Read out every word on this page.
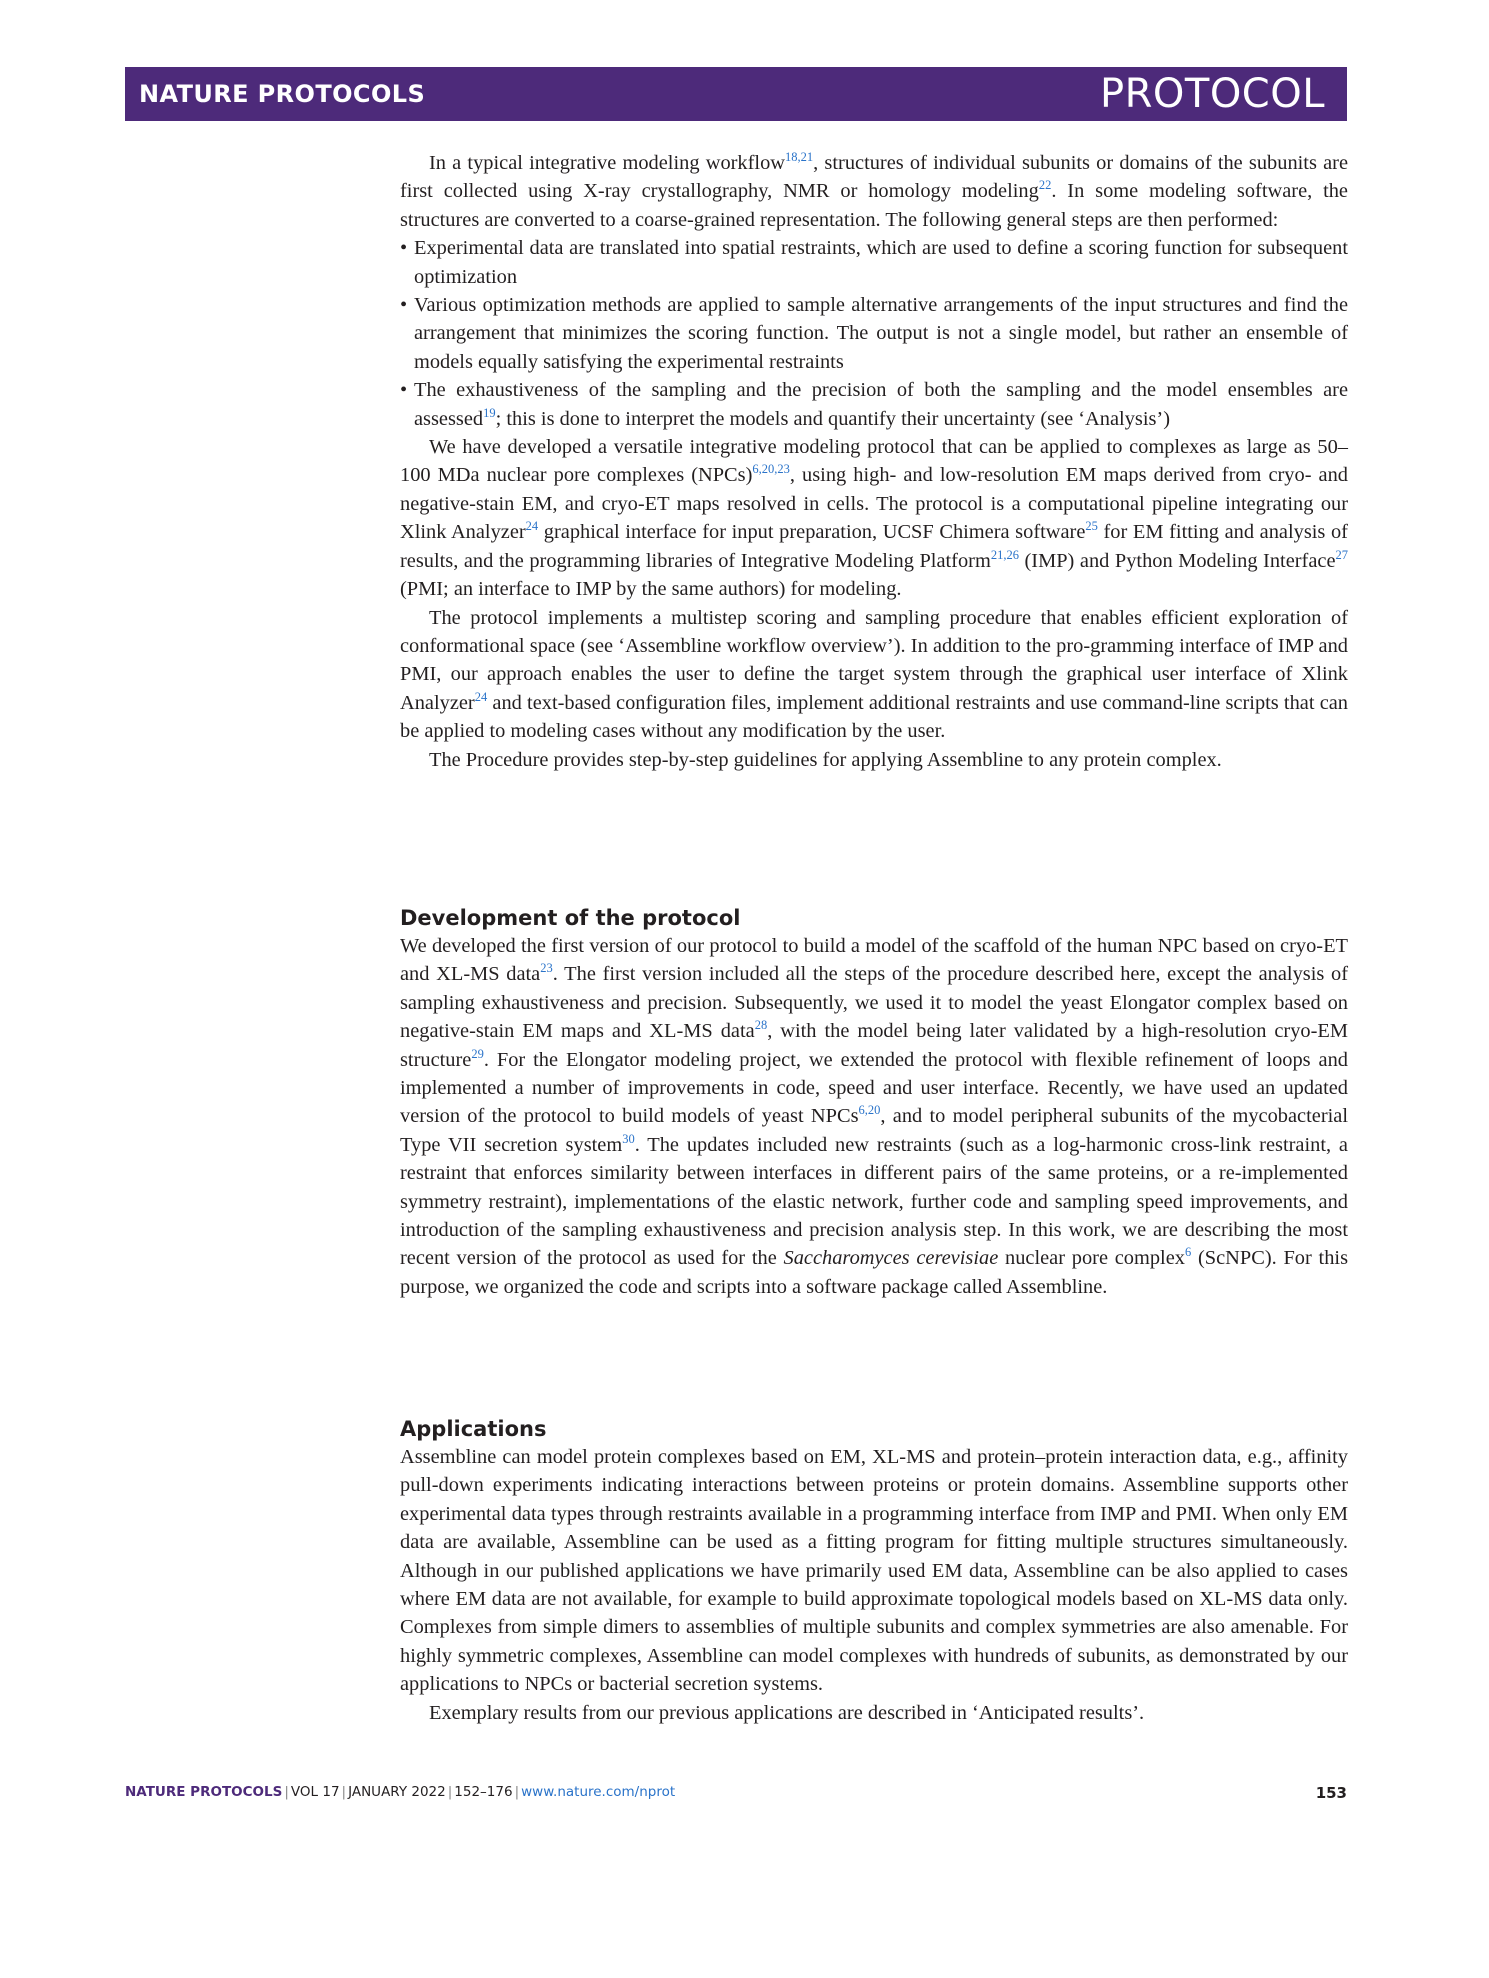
NATURE PROTOCOLS	PROTOCOL

In a typical integrative modeling workflow$^{18,21}$, structures of individual subunits or domains of the subunits are first collected using X-ray crystallography, NMR or homology modeling$^{22}$. In some modeling software, the structures are converted to a coarse-grained representation. The following general steps are then performed:

• Experimental data are translated into spatial restraints, which are used to define a scoring function for subsequent optimization
• Various optimization methods are applied to sample alternative arrangements of the input structures and find the arrangement that minimizes the scoring function. The output is not a single model, but rather an ensemble of models equally satisfying the experimental restraints
• The exhaustiveness of the sampling and the precision of both the sampling and the model ensembles are assessed$^{19}$; this is done to interpret the models and quantify their uncertainty (see ‘Analysis’)

We have developed a versatile integrative modeling protocol that can be applied to complexes as large as 50–100 MDa nuclear pore complexes (NPCs)$^{6,20,23}$, using high- and low-resolution EM maps derived from cryo- and negative-stain EM, and cryo-ET maps resolved in cells. The protocol is a computational pipeline integrating our Xlink Analyzer$^{24}$ graphical interface for input preparation, UCSF Chimera software$^{25}$ for EM fitting and analysis of results, and the programming libraries of Integrative Modeling Platform$^{21,26}$ (IMP) and Python Modeling Interface$^{27}$ (PMI; an interface to IMP by the same authors) for modeling.

The protocol implements a multistep scoring and sampling procedure that enables efficient exploration of conformational space (see ‘Assembline workflow overview’). In addition to the pro-gramming interface of IMP and PMI, our approach enables the user to define the target system through the graphical user interface of Xlink Analyzer$^{24}$ and text-based configuration files, implement additional restraints and use command-line scripts that can be applied to modeling cases without any modification by the user.

The Procedure provides step-by-step guidelines for applying Assembline to any protein complex.

Development of the protocol

We developed the first version of our protocol to build a model of the scaffold of the human NPC based on cryo-ET and XL-MS data$^{23}$. The first version included all the steps of the procedure described here, except the analysis of sampling exhaustiveness and precision. Subsequently, we used it to model the yeast Elongator complex based on negative-stain EM maps and XL-MS data$^{28}$, with the model being later validated by a high-resolution cryo-EM structure$^{29}$. For the Elongator modeling project, we extended the protocol with flexible refinement of loops and implemented a number of improvements in code, speed and user interface. Recently, we have used an updated version of the protocol to build models of yeast NPCs$^{6,20}$, and to model peripheral subunits of the mycobacterial Type VII secretion system$^{30}$. The updates included new restraints (such as a log-harmonic cross-link restraint, a restraint that enforces similarity between interfaces in different pairs of the same proteins, or a re-implemented symmetry restraint), implementations of the elastic network, further code and sampling speed improvements, and introduction of the sampling exhaustiveness and precision analysis step. In this work, we are describing the most recent version of the protocol as used for the Saccharomyces cerevisiae nuclear pore complex$^6$ (ScNPC). For this purpose, we organized the code and scripts into a software package called Assembline.

Applications

Assembline can model protein complexes based on EM, XL-MS and protein–protein interaction data, e.g., affinity pull-down experiments indicating interactions between proteins or protein domains. Assembline supports other experimental data types through restraints available in a programming interface from IMP and PMI. When only EM data are available, Assembline can be used as a fitting program for fitting multiple structures simultaneously. Although in our published applications we have primarily used EM data, Assembline can be also applied to cases where EM data are not available, for example to build approximate topological models based on XL-MS data only. Complexes from simple dimers to assemblies of multiple subunits and complex symmetries are also amenable. For highly symmetric complexes, Assembline can model complexes with hundreds of subunits, as demonstrated by our applications to NPCs or bacterial secretion systems.

Exemplary results from our previous applications are described in ‘Anticipated results’.

NATURE PROTOCOLS | VOL 17 | JANUARY 2022 | 152–176 | www.nature.com/nprot	153
